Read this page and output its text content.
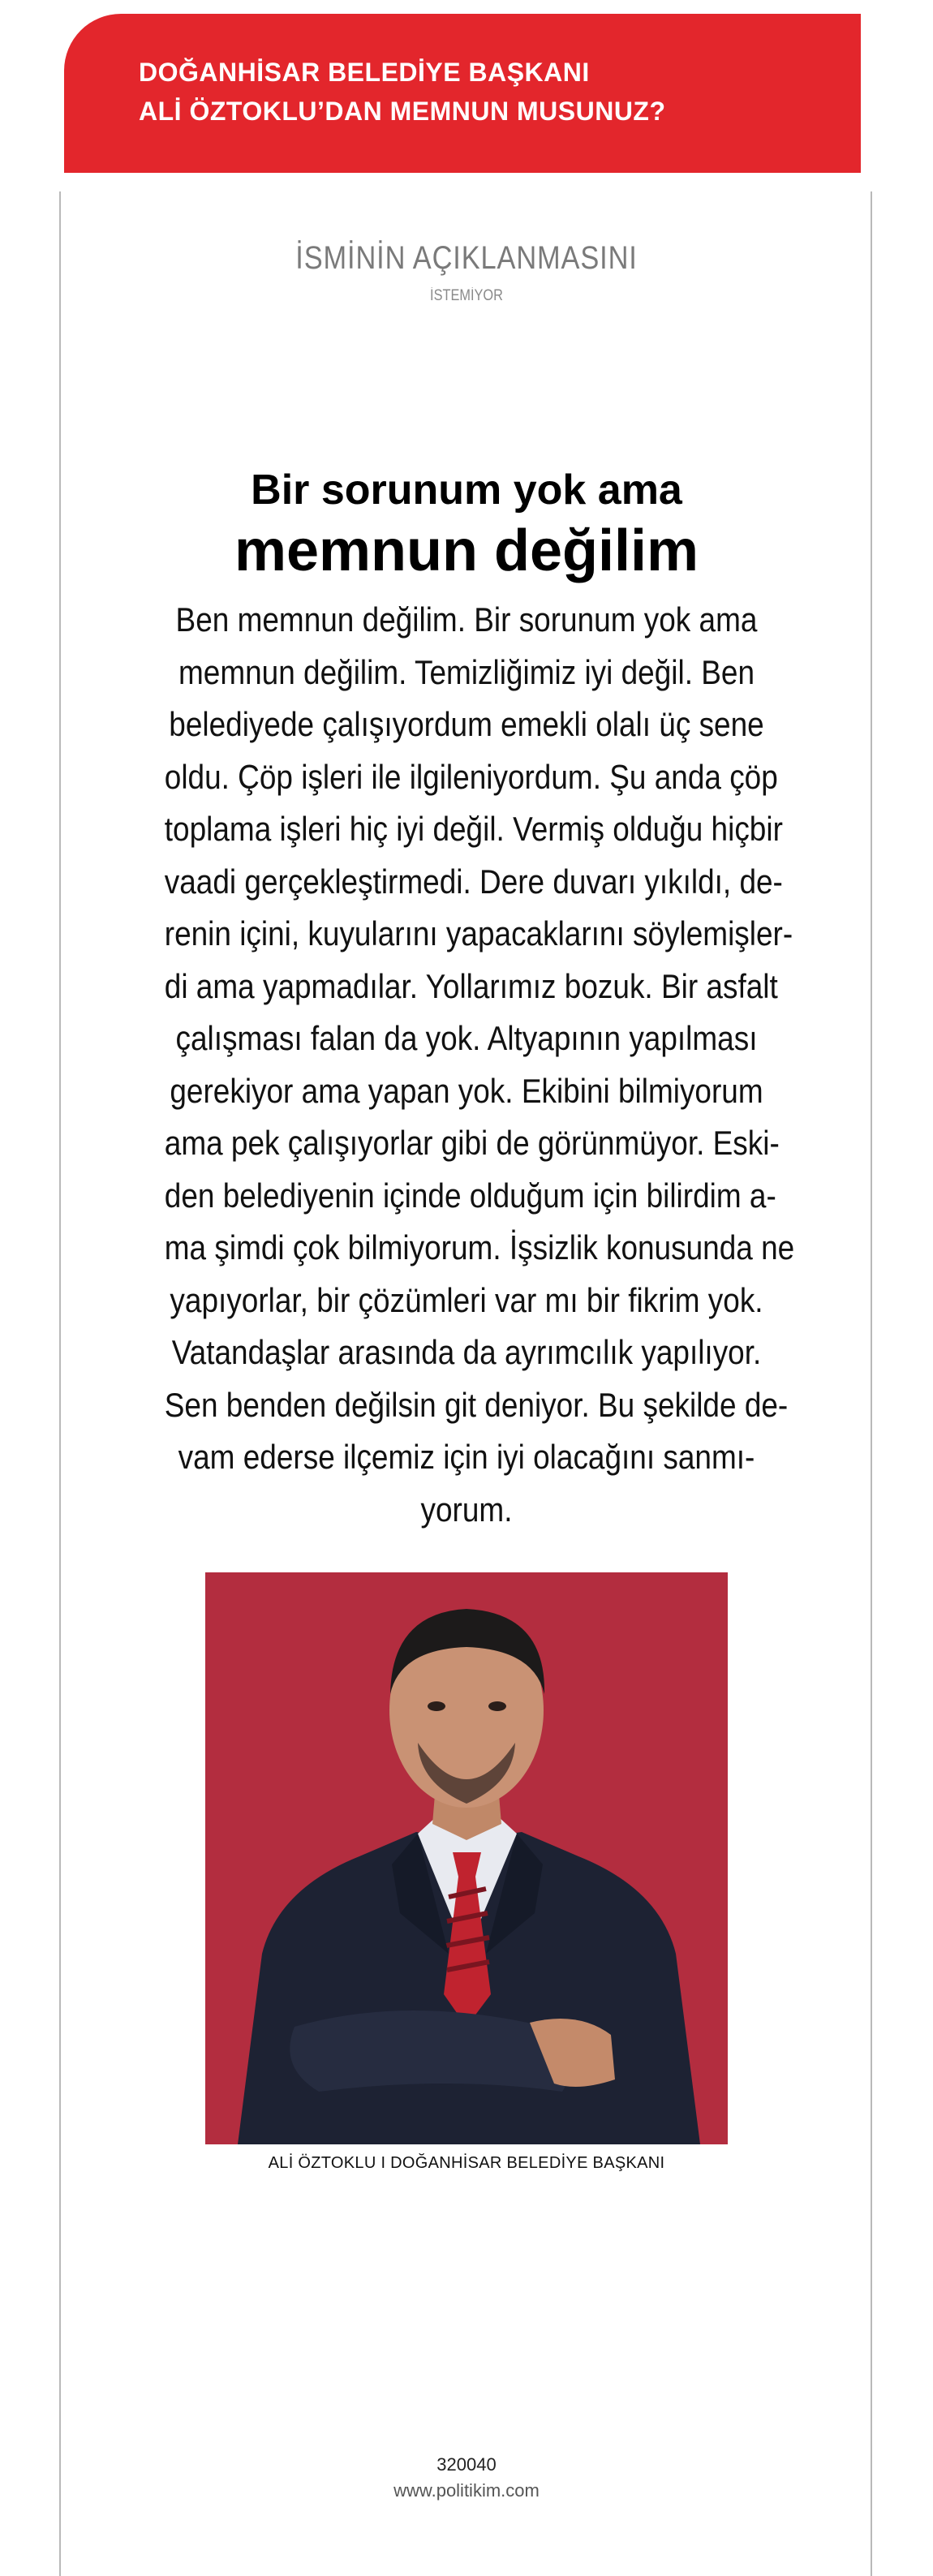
DOĞANHİSAR BELEDİYE BAŞKANI
ALİ ÖZTOKLU’DAN MEMNUN MUSUNUZ?
İSMİNİN AÇIKLANMASINI
İSTEMİYOR
Bir sorunum yok ama
memnun değilim
Ben memnun değilim. Bir sorunum yok ama
memnun değilim. Temizliğimiz iyi değil. Ben
belediyede çalışıyordum emekli olalı üç sene
oldu. Çöp işleri ile ilgileniyordum. Şu anda çöp
toplama işleri hiç iyi değil. Vermiş olduğu hiçbir
vaadi gerçekleştirmedi. Dere duvarı yıkıldı, de-
renin içini, kuyularını yapacaklarını söylemişler-
di ama yapmadılar. Yollarımız bozuk. Bir asfalt
çalışması falan da yok. Altyapının yapılması
gerekiyor ama yapan yok. Ekibini bilmiyorum
ama pek çalışıyorlar gibi de görünmüyor. Eski-
den belediyenin içinde olduğum için bilirdim a-
ma şimdi çok bilmiyorum. İşsizlik konusunda ne
yapıyorlar, bir çözümleri var mı bir fikrim yok.
Vatandaşlar arasında da ayrımcılık yapılıyor.
Sen benden değilsin git deniyor. Bu şekilde de-
vam ederse ilçemiz için iyi olacağını sanmı-
yorum.
ALİ ÖZTOKLU I DOĞANHİSAR BELEDİYE BAŞKANI
320040
www.politikim.com
